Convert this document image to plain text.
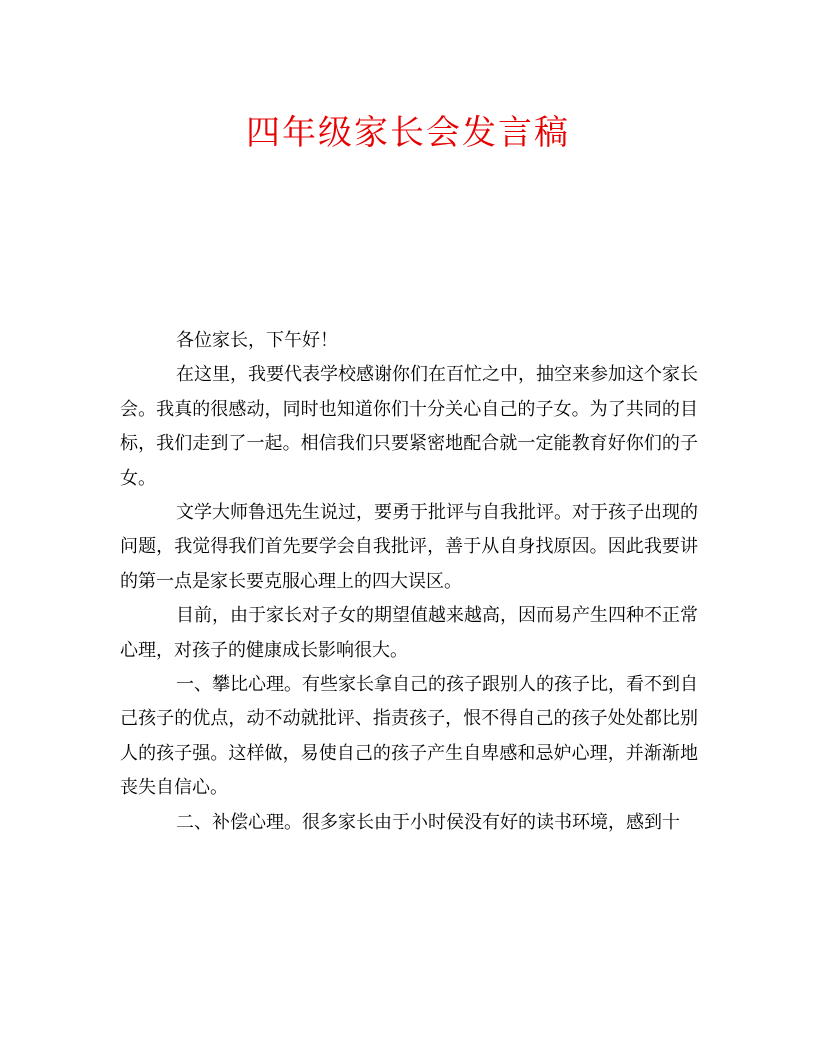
四年级家长会发言稿

各位家长，下午好！

在这里，我要代表学校感谢你们在百忙之中，抽空来参加这个家长会。我真的很感动，同时也知道你们十分关心自己的子女。为了共同的目标，我们走到了一起。相信我们只要紧密地配合就一定能教育好你们的子女。

文学大师鲁迅先生说过，要勇于批评与自我批评。对于孩子出现的问题，我觉得我们首先要学会自我批评，善于从自身找原因。因此我要讲的第一点是家长要克服心理上的四大误区。

目前，由于家长对子女的期望值越来越高，因而易产生四种不正常心理，对孩子的健康成长影响很大。

一、攀比心理。有些家长拿自己的孩子跟别人的孩子比，看不到自己孩子的优点，动不动就批评、指责孩子，恨不得自己的孩子处处都比别人的孩子强。这样做，易使自己的孩子产生自卑感和忌妒心理，并渐渐地丧失自信心。

二、补偿心理。很多家长由于小时侯没有好的读书环境，感到十
